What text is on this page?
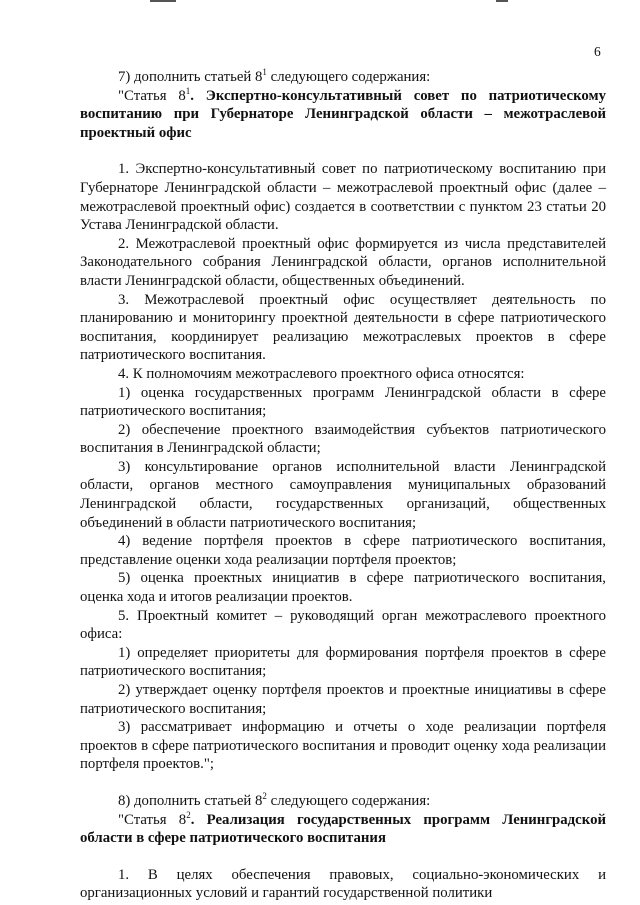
6

7) дополнить статьей $8^1$ следующего содержания:

"Статья $8^1$. Экспертно-консультативный совет по патриотическому воспитанию при Губернаторе Ленинградской области – межотраслевой проектный офис

1. Экспертно-консультативный совет по патриотическому воспитанию при Губернаторе Ленинградской области – межотраслевой проектный офис (далее – межотраслевой проектный офис) создается в соответствии с пунктом 23 статьи 20 Устава Ленинградской области.

2. Межотраслевой проектный офис формируется из числа представителей Законодательного собрания Ленинградской области, органов исполнительной власти Ленинградской области, общественных объединений.

3. Межотраслевой проектный офис осуществляет деятельность по планированию и мониторингу проектной деятельности в сфере патриотического воспитания, координирует реализацию межотраслевых проектов в сфере патриотического воспитания.

4. К полномочиям межотраслевого проектного офиса относятся:

1) оценка государственных программ Ленинградской области в сфере патриотического воспитания;

2) обеспечение проектного взаимодействия субъектов патриотического воспитания в Ленинградской области;

3) консультирование органов исполнительной власти Ленинградской области, органов местного самоуправления муниципальных образований Ленинградской области, государственных организаций, общественных объединений в области патриотического воспитания;

4) ведение портфеля проектов в сфере патриотического воспитания, представление оценки хода реализации портфеля проектов;

5) оценка проектных инициатив в сфере патриотического воспитания, оценка хода и итогов реализации проектов.

5. Проектный комитет – руководящий орган межотраслевого проектного офиса:

1) определяет приоритеты для формирования портфеля проектов в сфере патриотического воспитания;

2) утверждает оценку портфеля проектов и проектные инициативы в сфере патриотического воспитания;

3) рассматривает информацию и отчеты о ходе реализации портфеля проектов в сфере патриотического воспитания и проводит оценку хода реализации портфеля проектов.";

8) дополнить статьей $8^2$ следующего содержания:

"Статья $8^2$. Реализация государственных программ Ленинградской области в сфере патриотического воспитания

1. В целях обеспечения правовых, социально-экономических и организационных условий и гарантий государственной политики
